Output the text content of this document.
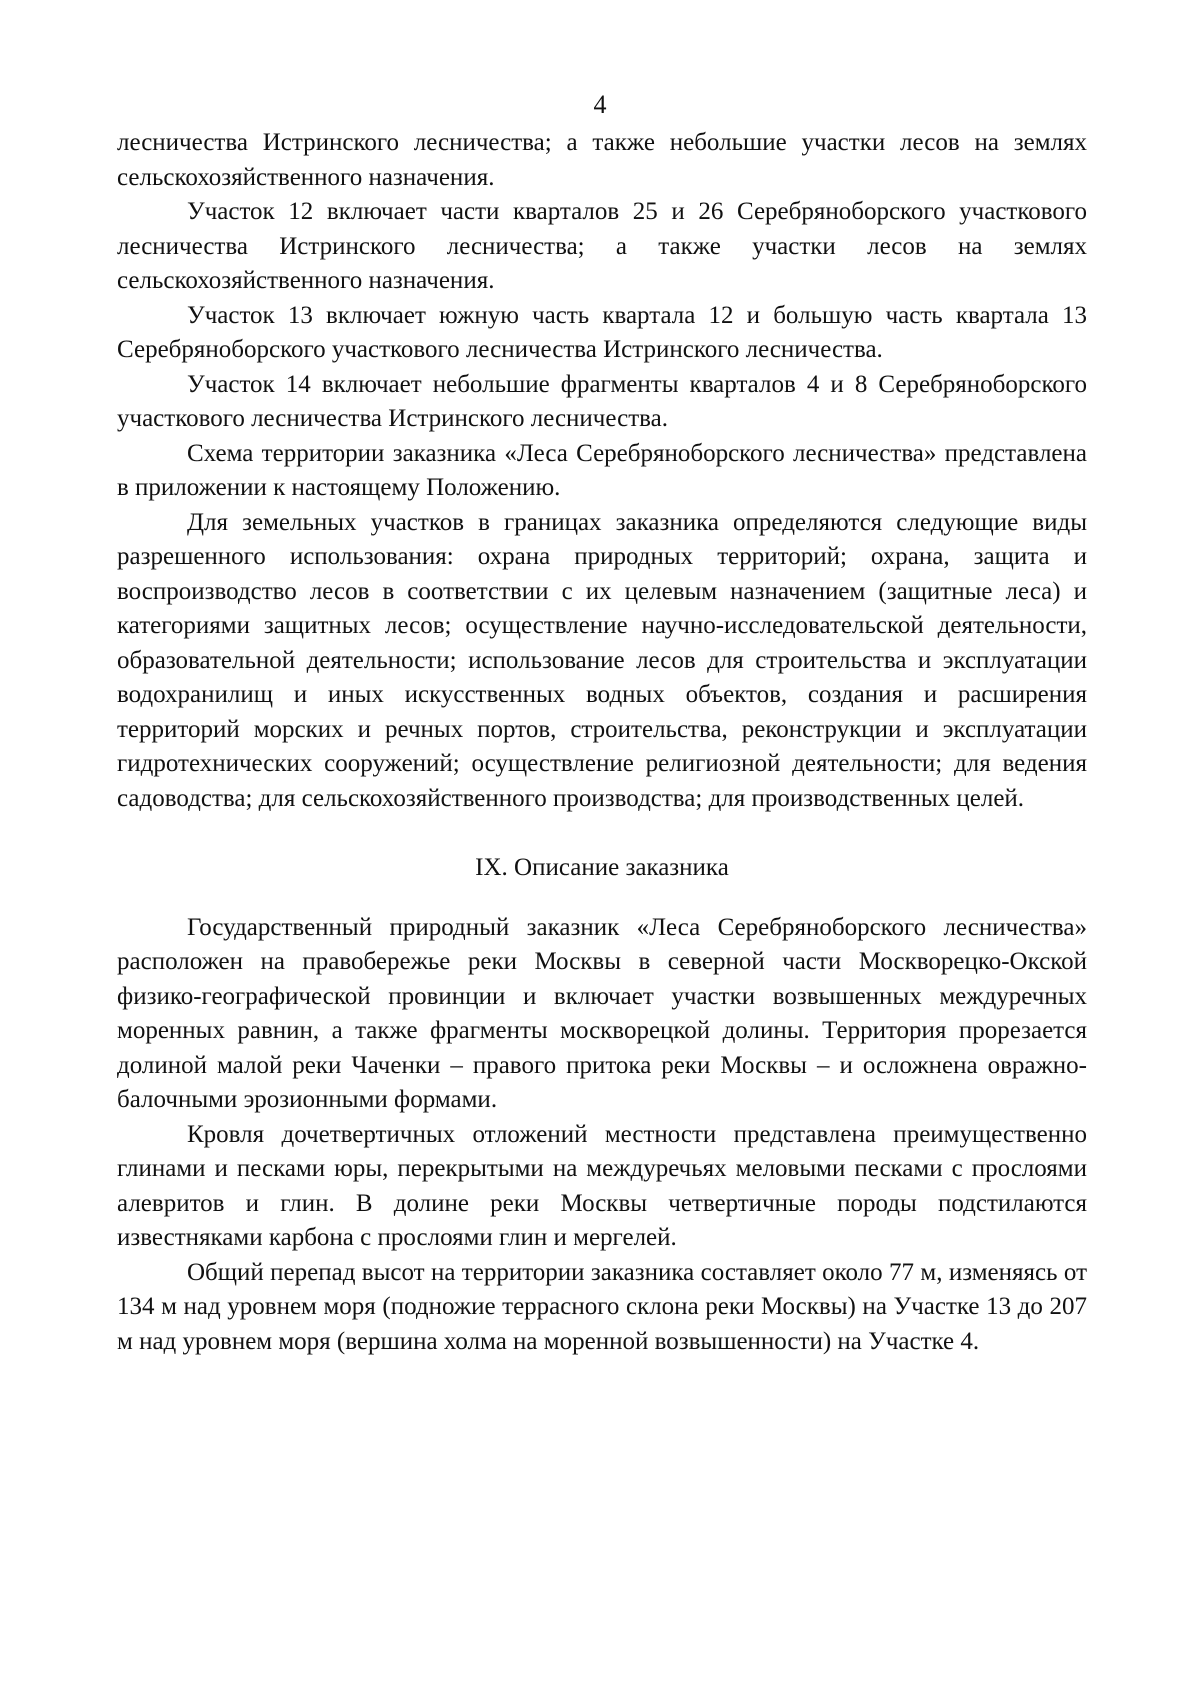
4

лесничества Истринского лесничества; а также небольшие участки лесов на землях сельскохозяйственного назначения.

Участок 12 включает части кварталов 25 и 26 Серебряноборского участкового лесничества Истринского лесничества; а также участки лесов на землях сельскохозяйственного назначения.

Участок 13 включает южную часть квартала 12 и большую часть квартала 13 Серебряноборского участкового лесничества Истринского лесничества.

Участок 14 включает небольшие фрагменты кварталов 4 и 8 Серебряноборского участкового лесничества Истринского лесничества.

Схема территории заказника «Леса Серебряноборского лесничества» представлена в приложении к настоящему Положению.

Для земельных участков в границах заказника определяются следующие виды разрешенного использования: охрана природных территорий; охрана, защита и воспроизводство лесов в соответствии с их целевым назначением (защитные леса) и категориями защитных лесов; осуществление научно-исследовательской деятельности, образовательной деятельности; использование лесов для строительства и эксплуатации водохранилищ и иных искусственных водных объектов, создания и расширения территорий морских и речных портов, строительства, реконструкции и эксплуатации гидротехнических сооружений; осуществление религиозной деятельности; для ведения садоводства; для сельскохозяйственного производства; для производственных целей.

IX. Описание заказника

Государственный природный заказник «Леса Серебряноборского лесничества» расположен на правобережье реки Москвы в северной части Москворецко-Окской физико-географической провинции и включает участки возвышенных междуречных моренных равнин, а также фрагменты москворецкой долины. Территория прорезается долиной малой реки Чаченки – правого притока реки Москвы – и осложнена овражно-балочными эрозионными формами.

Кровля дочетвертичных отложений местности представлена преимущественно глинами и песками юры, перекрытыми на междуречьях меловыми песками с прослоями алевритов и глин. В долине реки Москвы четвертичные породы подстилаются известняками карбона с прослоями глин и мергелей.

Общий перепад высот на территории заказника составляет около 77 м, изменяясь от 134 м над уровнем моря (подножие террасного склона реки Москвы) на Участке 13 до 207 м над уровнем моря (вершина холма на моренной возвышенности) на Участке 4.
